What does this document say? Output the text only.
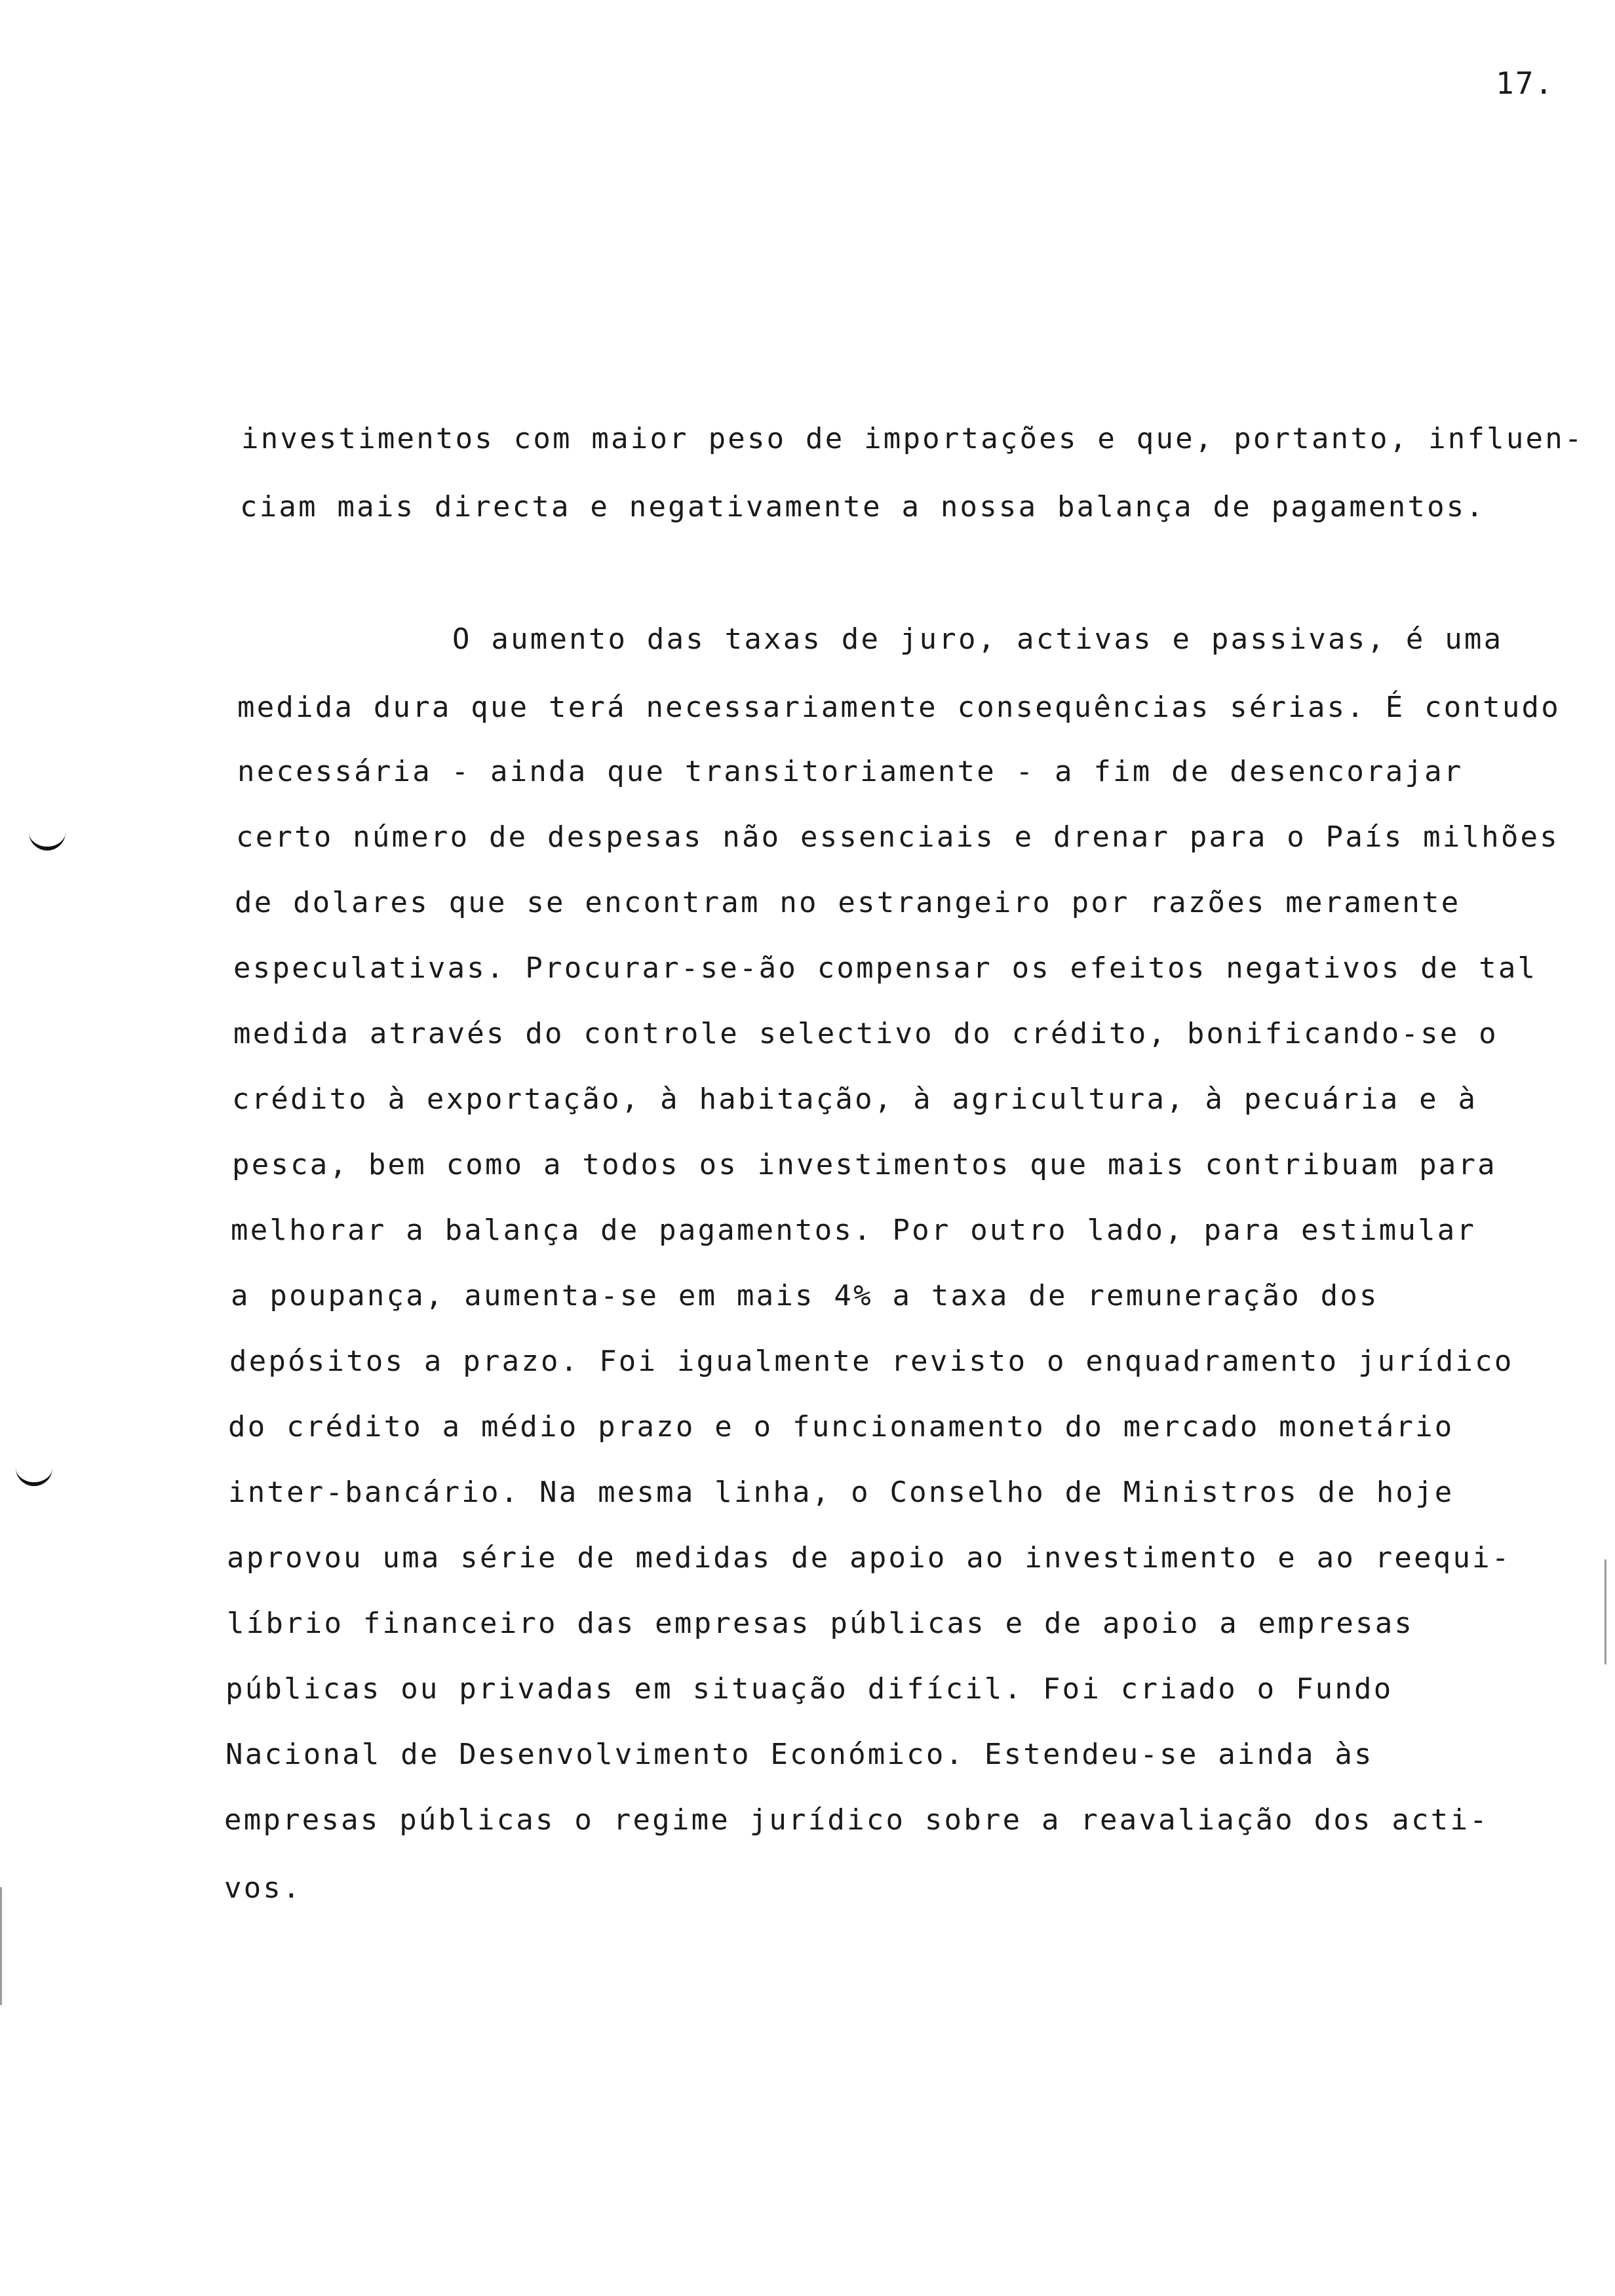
17.
investimentos com maior peso de importações e que, portanto, influen-
ciam mais directa e negativamente a nossa balança de pagamentos.
O aumento das taxas de juro, activas e passivas, é uma
medida dura que terá necessariamente consequências sérias. É contudo
necessária - ainda que transitoriamente - a fim de desencorajar
certo número de despesas não essenciais e drenar para o País milhões
de dolares que se encontram no estrangeiro por razões meramente
especulativas. Procurar-se-ão compensar os efeitos negativos de tal
medida através do controle selectivo do crédito, bonificando-se o
crédito à exportação, à habitação, à agricultura, à pecuária e à
pesca, bem como a todos os investimentos que mais contribuam para
melhorar a balança de pagamentos. Por outro lado, para estimular
a poupança, aumenta-se em mais 4% a taxa de remuneração dos
depósitos a prazo. Foi igualmente revisto o enquadramento jurídico
do crédito a médio prazo e o funcionamento do mercado monetário
inter-bancário. Na mesma linha, o Conselho de Ministros de hoje
aprovou uma série de medidas de apoio ao investimento e ao reequi-
líbrio financeiro das empresas públicas e de apoio a empresas
públicas ou privadas em situação difícil. Foi criado o Fundo
Nacional de Desenvolvimento Económico. Estendeu-se ainda às
empresas públicas o regime jurídico sobre a reavaliação dos acti-
vos.
